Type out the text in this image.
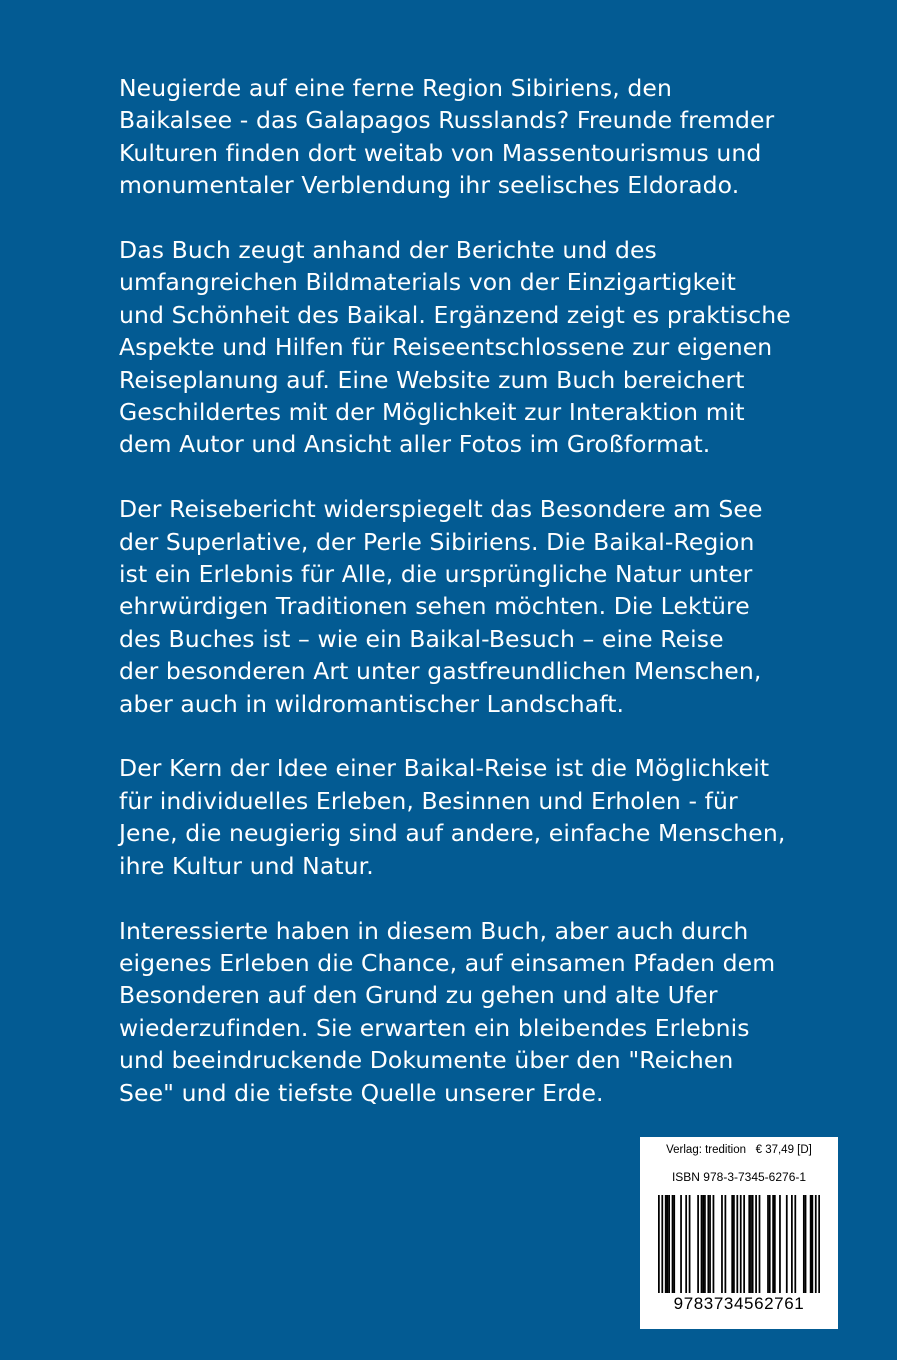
Neugierde auf eine ferne Region Sibiriens, den
Baikalsee - das Galapagos Russlands? Freunde fremder
Kulturen finden dort weitab von Massentourismus und
monumentaler Verblendung ihr seelisches Eldorado.
Das Buch zeugt anhand der Berichte und des
umfangreichen Bildmaterials von der Einzigartigkeit
und Schönheit des Baikal. Ergänzend zeigt es praktische
Aspekte und Hilfen für Reiseentschlossene zur eigenen
Reiseplanung auf. Eine Website zum Buch bereichert
Geschildertes mit der Möglichkeit zur Interaktion mit
dem Autor und Ansicht aller Fotos im Großformat.
Der Reisebericht widerspiegelt das Besondere am See
der Superlative, der Perle Sibiriens. Die Baikal-Region
ist ein Erlebnis für Alle, die ursprüngliche Natur unter
ehrwürdigen Traditionen sehen möchten. Die Lektüre
des Buches ist – wie ein Baikal-Besuch – eine Reise
der besonderen Art unter gastfreundlichen Menschen,
aber auch in wildromantischer Landschaft.
Der Kern der Idee einer Baikal-Reise ist die Möglichkeit
für individuelles Erleben, Besinnen und Erholen - für
Jene, die neugierig sind auf andere, einfache Menschen,
ihre Kultur und Natur.
Interessierte haben in diesem Buch, aber auch durch
eigenes Erleben die Chance, auf einsamen Pfaden dem
Besonderen auf den Grund zu gehen und alte Ufer
wiederzufinden. Sie erwarten ein bleibendes Erlebnis
und beeindruckende Dokumente über den "Reichen
See" und die tiefste Quelle unserer Erde.
Verlag: tredition   € 37,49 [D]
ISBN 978-3-7345-6276-1
9783734562761
